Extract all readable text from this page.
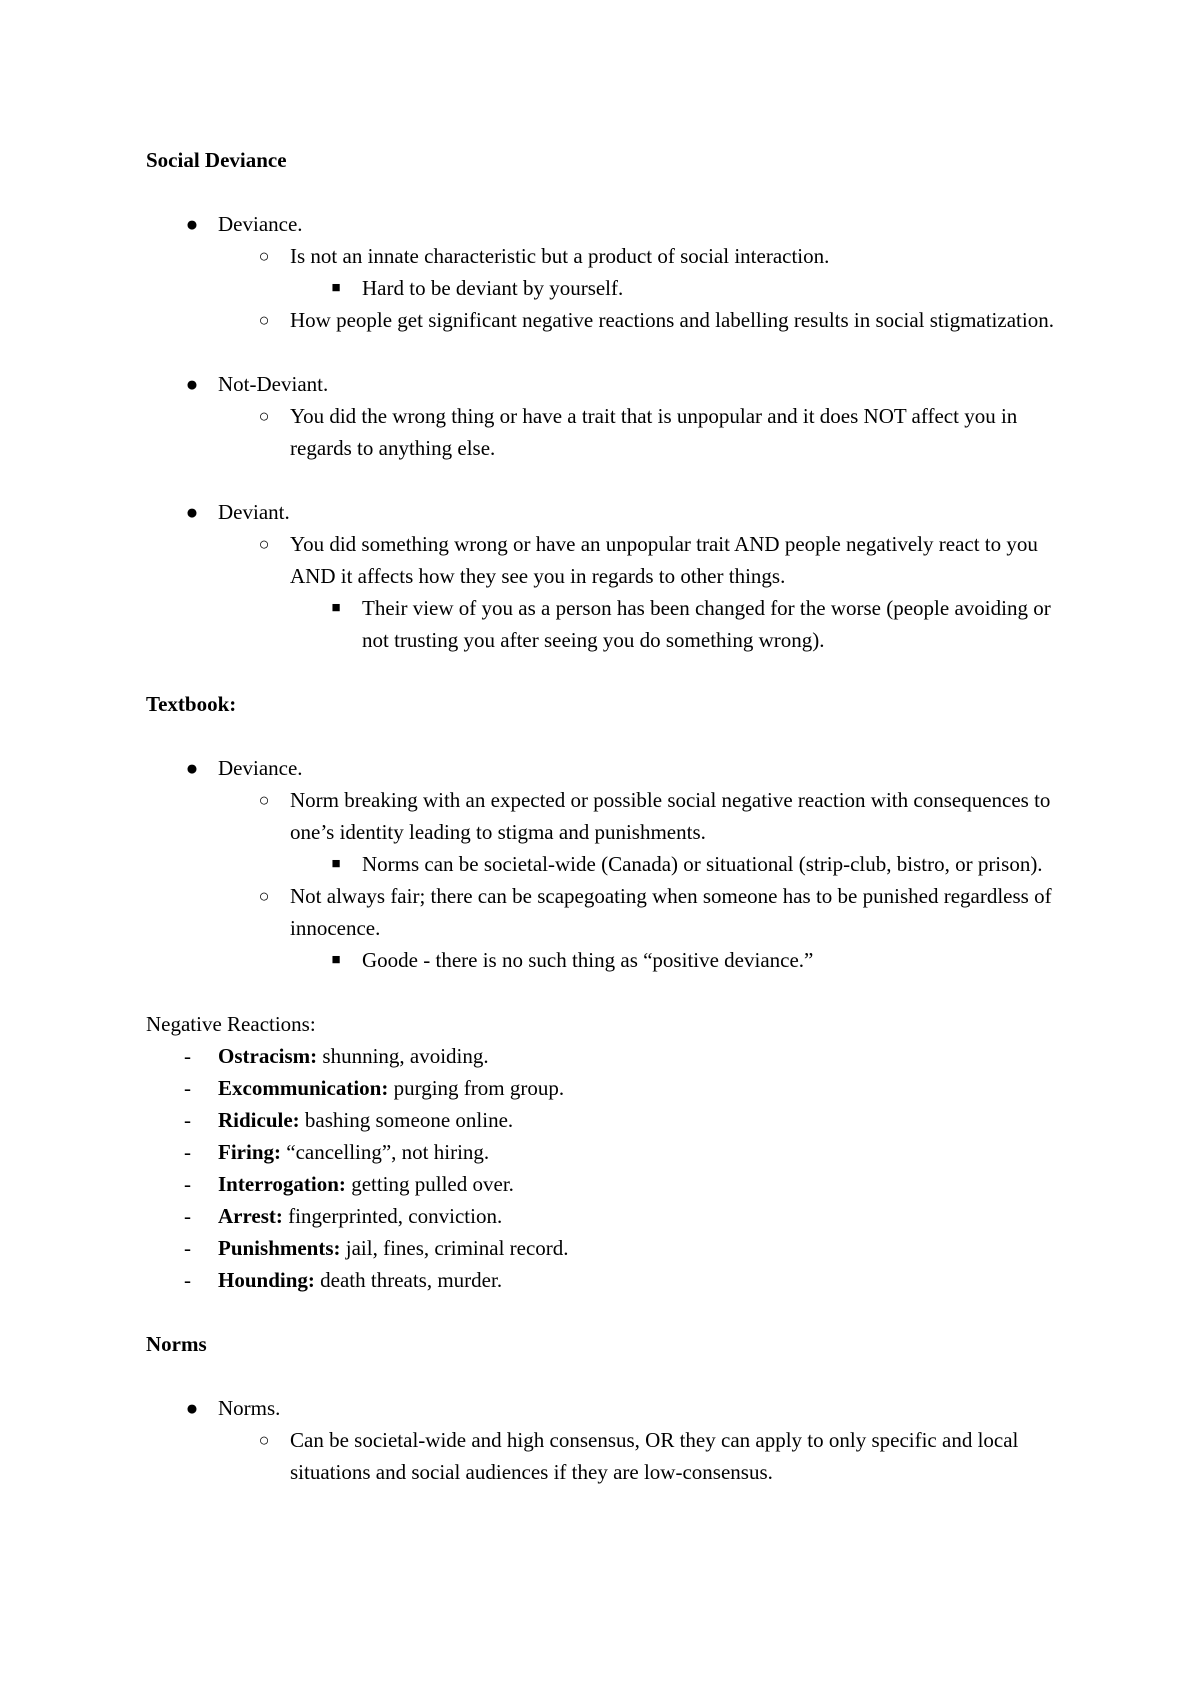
Social Deviance

● Deviance.
○ Is not an innate characteristic but a product of social interaction.
■ Hard to be deviant by yourself.
○ How people get significant negative reactions and labelling results in social stigmatization.
● Not-Deviant.
○ You did the wrong thing or have a trait that is unpopular and it does NOT affect you in regards to anything else.
● Deviant.
○ You did something wrong or have an unpopular trait AND people negatively react to you AND it affects how they see you in regards to other things.
■ Their view of you as a person has been changed for the worse (people avoiding or not trusting you after seeing you do something wrong).

Textbook:

● Deviance.
○ Norm breaking with an expected or possible social negative reaction with consequences to one’s identity leading to stigma and punishments.
■ Norms can be societal-wide (Canada) or situational (strip-club, bistro, or prison).
○ Not always fair; there can be scapegoating when someone has to be punished regardless of innocence.
■ Goode - there is no such thing as “positive deviance.”

Negative Reactions:

- Ostracism: shunning, avoiding.
- Excommunication: purging from group.
- Ridicule: bashing someone online.
- Firing: “cancelling”, not hiring.
- Interrogation: getting pulled over.
- Arrest: fingerprinted, conviction.
- Punishments: jail, fines, criminal record.
- Hounding: death threats, murder.

Norms

● Norms.
○ Can be societal-wide and high consensus, OR they can apply to only specific and local situations and social audiences if they are low-consensus.
